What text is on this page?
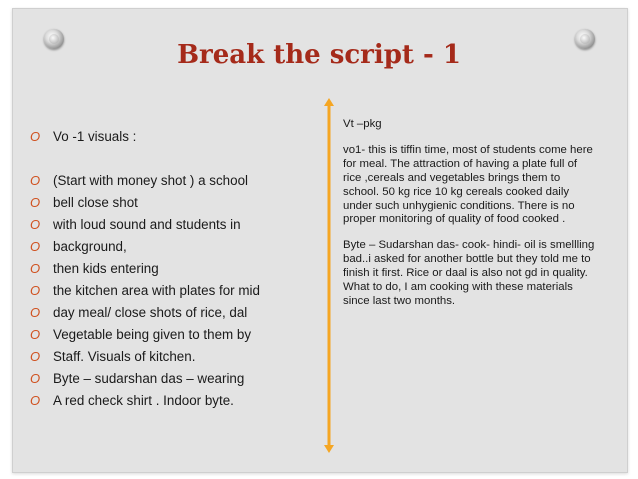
Break the script - 1
O Vo -1 visuals :
O (Start with money shot ) a school
O bell close shot
O with loud sound and students in
O background,
O then kids entering
O the kitchen area with plates for mid
O day meal/ close shots of rice, dal
O Vegetable being given to them by
O Staff. Visuals of kitchen.
O Byte – sudarshan das – wearing
O A red check shirt . Indoor byte.

Vt –pkg

vo1- this is tiffin time, most of students come here for meal. The attraction of having a plate full of rice ,cereals and vegetables brings them to school. 50 kg rice 10 kg cereals cooked daily under such unhygienic conditions. There is no proper monitoring of quality of food cooked .

Byte – Sudarshan das- cook- hindi- oil is smellling bad..i asked for another bottle but they told me to finish it first. Rice or daal is also not gd in quality. What to do, I am cooking with these materials since last two months.
